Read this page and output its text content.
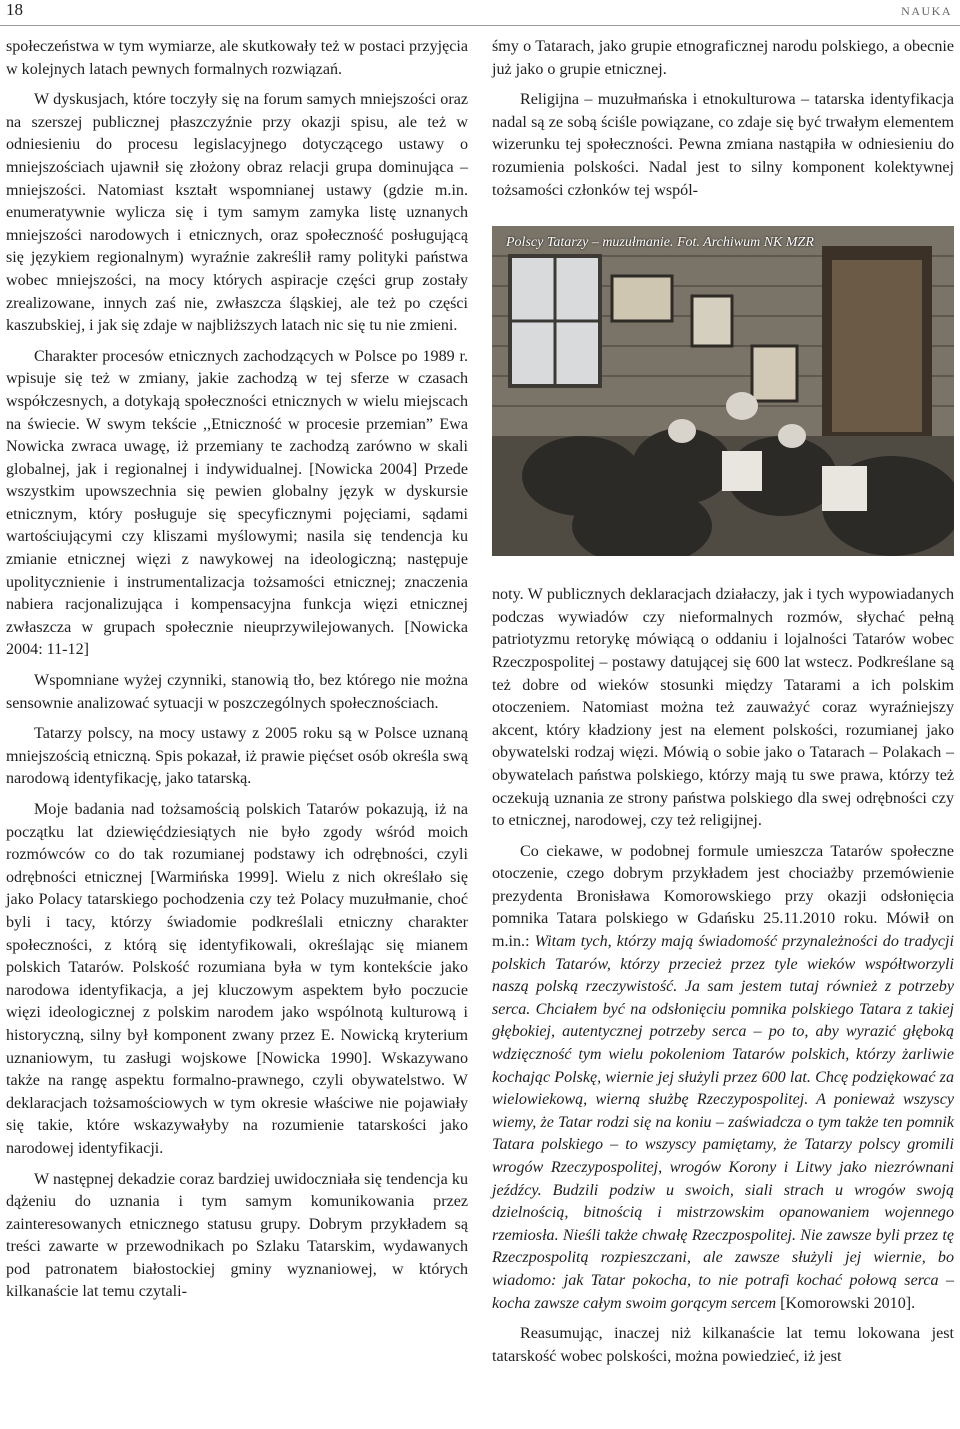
18	NAUKA

społeczeństwa w tym wymiarze, ale skutkowały też w postaci przyjęcia w kolejnych latach pewnych formalnych rozwiązań.

W dyskusjach, które toczyły się na forum samych mniejszości oraz na szerszej publicznej płaszczyźnie przy okazji spisu, ale też w odniesieniu do procesu legislacyjnego dotyczącego ustawy o mniejszościach ujawnił się złożony obraz relacji grupa dominująca – mniejszości. Natomiast kształt wspomnianej ustawy (gdzie m.in. enumeratywnie wylicza się i tym samym zamyka listę uznanych mniejszości narodowych i etnicznych, oraz społeczność posługującą się językiem regionalnym) wyraźnie zakreślił ramy polityki państwa wobec mniejszości, na mocy których aspiracje części grup zostały zrealizowane, innych zaś nie, zwłaszcza śląskiej, ale też po części kaszubskiej, i jak się zdaje w najbliższych latach nic się tu nie zmieni.

Charakter procesów etnicznych zachodzących w Polsce po 1989 r. wpisuje się też w zmiany, jakie zachodzą w tej sferze w czasach współczesnych, a dotykają społeczności etnicznych w wielu miejscach na świecie. W swym tekście ,,Etniczność w procesie przemian” Ewa Nowicka zwraca uwagę, iż przemiany te zachodzą zarówno w skali globalnej, jak i regionalnej i indywidualnej. [Nowicka 2004] Przede wszystkim upowszechnia się pewien globalny język w dyskursie etnicznym, który posługuje się specyficznymi pojęciami, sądami wartościującymi czy kliszami myślowymi; nasila się tendencja ku zmianie etnicznej więzi z nawykowej na ideologiczną; następuje upolitycznienie i instrumentalizacja tożsamości etnicznej; znaczenia nabiera racjonalizująca i kompensacyjna funkcja więzi etnicznej zwłaszcza w grupach społecznie nieuprzywilejowanych. [Nowicka 2004: 11-12]

Wspomniane wyżej czynniki, stanowią tło, bez którego nie można sensownie analizować sytuacji w poszczególnych społecznościach.

Tatarzy polscy, na mocy ustawy z 2005 roku są w Polsce uznaną mniejszością etniczną. Spis pokazał, iż prawie pięćset osób określa swą narodową identyfikację, jako tatarską.

Moje badania nad tożsamością polskich Tatarów pokazują, iż na początku lat dziewięćdziesiątych nie było zgody wśród moich rozmówców co do tak rozumianej podstawy ich odrębności, czyli odrębności etnicznej [Warmińska 1999]. Wielu z nich określało się jako Polacy tatarskiego pochodzenia czy też Polacy muzułmanie, choć byli i tacy, którzy świadomie podkreślali etniczny charakter społeczności, z którą się identyfikowali, określając się mianem polskich Tatarów. Polskość rozumiana była w tym kontekście jako narodowa identyfikacja, a jej kluczowym aspektem było poczucie więzi ideologicznej z polskim narodem jako wspólnotą kulturową i historyczną, silny był komponent zwany przez E. Nowicką kryterium uznaniowym, tu zasługi wojskowe [Nowicka 1990]. Wskazywano także na rangę aspektu formalno-prawnego, czyli obywatelstwo. W deklaracjach tożsamościowych w tym okresie właściwe nie pojawiały się takie, które wskazywałyby na rozumienie tatarskości jako narodowej identyfikacji.

W następnej dekadzie coraz bardziej uwidoczniała się tendencja ku dążeniu do uznania i tym samym komunikowania przez zainteresowanych etnicznego statusu grupy. Dobrym przykładem są treści zawarte w przewodnikach po Szlaku Tatarskim, wydawanych pod patronatem białostockiej gminy wyznaniowej, w których kilkanaście lat temu czytali-

śmy o Tatarach, jako grupie etnograficznej narodu polskiego, a obecnie już jako o grupie etnicznej.

Religijna – muzułmańska i etnokulturowa – tatarska identyfikacja nadal są ze sobą ściśle powiązane, co zdaje się być trwałym elementem wizerunku tej społeczności. Pewna zmiana nastąpiła w odniesieniu do rozumienia polskości. Nadal jest to silny komponent kolektywnej tożsamości członków tej wspól-

Polscy Tatarzy – muzułmanie. Fot. Archiwum NK MZR

noty. W publicznych deklaracjach działaczy, jak i tych wypowiadanych podczas wywiadów czy nieformalnych rozmów, słychać pełną patriotyzmu retorykę mówiącą o oddaniu i lojalności Tatarów wobec Rzeczpospolitej – postawy datującej się 600 lat wstecz. Podkreślane są też dobre od wieków stosunki między Tatarami a ich polskim otoczeniem. Natomiast można też zauważyć coraz wyraźniejszy akcent, który kładziony jest na element polskości, rozumianej jako obywatelski rodzaj więzi. Mówią o sobie jako o Tatarach – Polakach – obywatelach państwa polskiego, którzy mają tu swe prawa, którzy też oczekują uznania ze strony państwa polskiego dla swej odrębności czy to etnicznej, narodowej, czy też religijnej.

Co ciekawe, w podobnej formule umieszcza Tatarów społeczne otoczenie, czego dobrym przykładem jest chociażby przemówienie prezydenta Bronisława Komorowskiego przy okazji odsłonięcia pomnika Tatara polskiego w Gdańsku 25.11.2010 roku. Mówił on m.in.: Witam tych, którzy mają świadomość przynależności do tradycji polskich Tatarów, którzy przecież przez tyle wieków współtworzyli naszą polską rzeczywistość. Ja sam jestem tutaj również z potrzeby serca. Chciałem być na odsłonięciu pomnika polskiego Tatara z takiej głębokiej, autentycznej potrzeby serca – po to, aby wyrazić głęboką wdzięczność tym wielu pokoleniom Tatarów polskich, którzy żarliwie kochając Polskę, wiernie jej służyli przez 600 lat. Chcę podziękować za wielowiekową, wierną służbę Rzeczypospolitej. A ponieważ wszyscy wiemy, że Tatar rodzi się na koniu – zaświadcza o tym także ten pomnik Tatara polskiego – to wszyscy pamiętamy, że Tatarzy polscy gromili wrogów Rzeczypospolitej, wrogów Korony i Litwy jako niezrównani jeźdźcy. Budzili podziw u swoich, siali strach u wrogów swoją dzielnością, bitnością i mistrzowskim opanowaniem wojennego rzemiosła. Nieśli także chwałę Rzeczpospolitej. Nie zawsze byli przez tę Rzeczpospolitą rozpieszczani, ale zawsze służyli jej wiernie, bo wiadomo: jak Tatar pokocha, to nie potrafi kochać połową serca – kocha zawsze całym swoim gorącym sercem [Komorowski 2010].

Reasumując, inaczej niż kilkanaście lat temu lokowana jest tatarskość wobec polskości, można powiedzieć, iż jest
